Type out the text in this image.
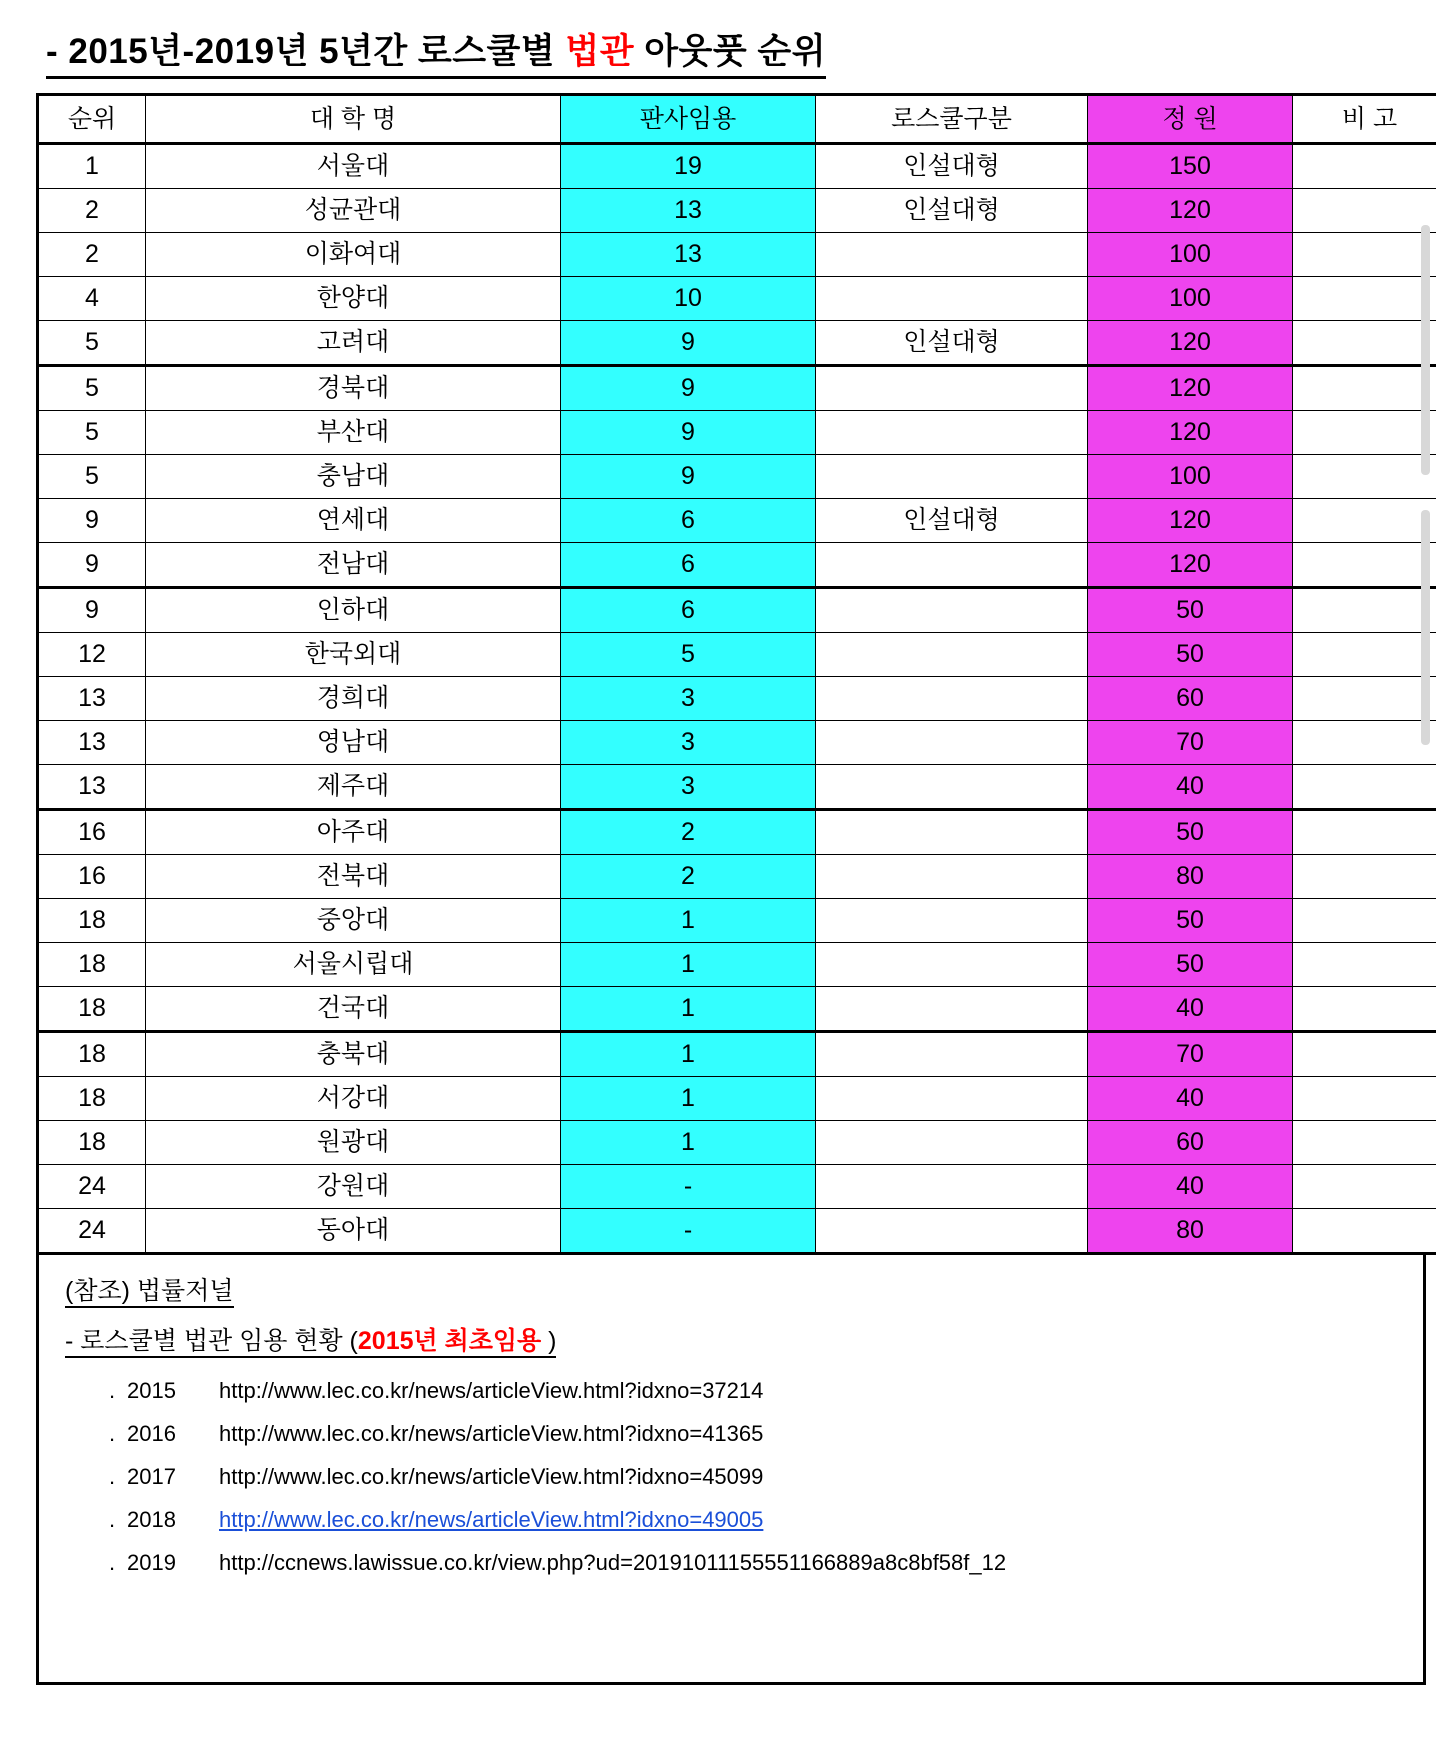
- 2015년-2019년 5년간 로스쿨별 법관 아웃풋 순위
순위	대 학 명	판사임용	로스쿨구분	정 원	비 고
1	서울대	19	인설대형	150	
2	성균관대	13	인설대형	120	
2	이화여대	13		100	
4	한양대	10		100	
5	고려대	9	인설대형	120	
5	경북대	9		120	
5	부산대	9		120	
5	충남대	9		100	
9	연세대	6	인설대형	120	
9	전남대	6		120	
9	인하대	6		50	
12	한국외대	5		50	
13	경희대	3		60	
13	영남대	3		70	
13	제주대	3		40	
16	아주대	2		50	
16	전북대	2		80	
18	중앙대	1		50	
18	서울시립대	1		50	
18	건국대	1		40	
18	충북대	1		70	
18	서강대	1		40	
18	원광대	1		60	
24	강원대	-		40	
24	동아대	-		80	
(참조) 법률저널
- 로스쿨별 법관 임용 현황 (2015년 최초임용 )
. 2015 http://www.lec.co.kr/news/articleView.html?idxno=37214
. 2016 http://www.lec.co.kr/news/articleView.html?idxno=41365
. 2017 http://www.lec.co.kr/news/articleView.html?idxno=45099
. 2018 http://www.lec.co.kr/news/articleView.html?idxno=49005
. 2019 http://ccnews.lawissue.co.kr/view.php?ud=20191011155551166889a8c8bf58f_12
